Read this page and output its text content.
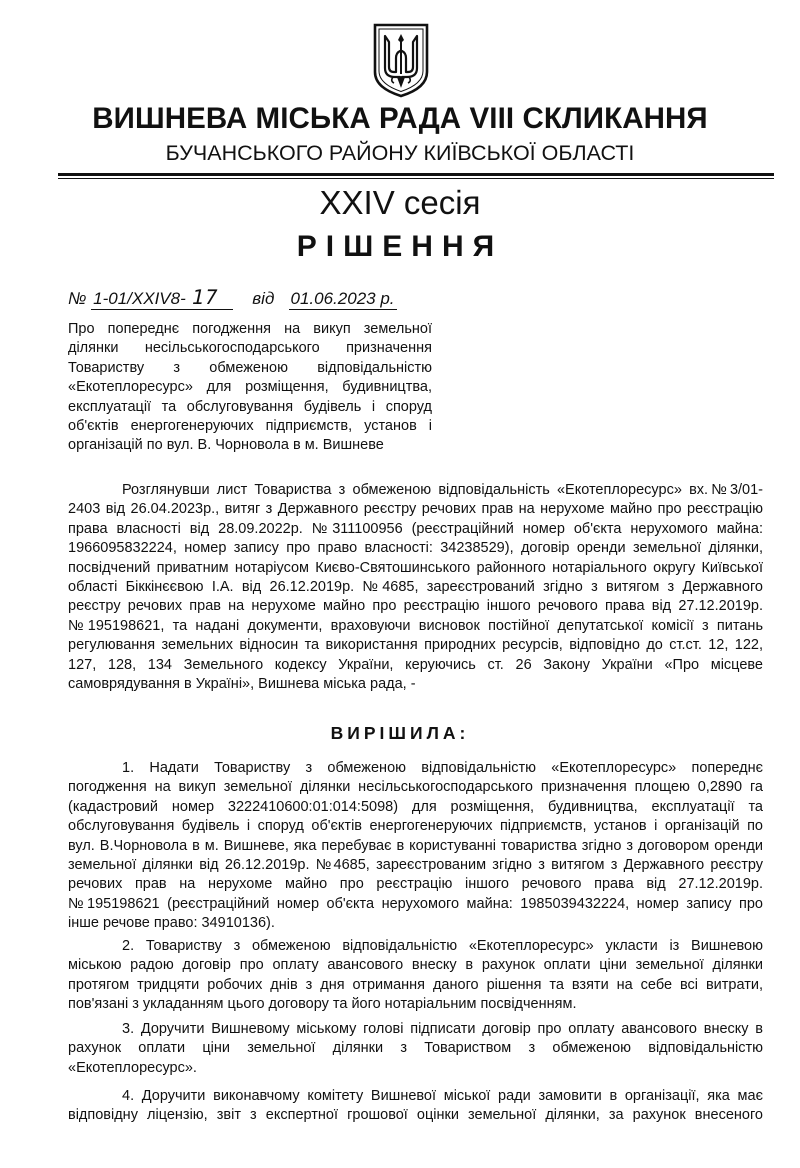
ВИШНЕВА МІСЬКА РАДА VIII СКЛИКАННЯ
БУЧАНСЬКОГО РАЙОНУ КИЇВСЬКОЇ ОБЛАСТІ
XXIV сесія
РІШЕННЯ
№ 1-01/XXIV8- 17 від 01.06.2023 р.
Про попереднє погодження на викуп земельної
ділянки несільськогосподарського призначення
Товариству з обмеженою відповідальністю
«Екотеплоресурс» для розміщення, будивництва,
експлуатації та обслуговування будівель і споруд
об'єктів енергогенеруючих підприємств, установ і
організацій по вул. В. Чорновола в м. Вишневе
Розглянувши лист Товариства з обмеженою відповідальність «Екотеплоресурс» вх.№3/01-
2403 від 26.04.2023р., витяг з Державного реєстру речових прав на нерухоме майно про реєстрацію
права власності від 28.09.2022р. №311100956 (реєстраційний номер об'єкта нерухомого майна:
1966095832224, номер запису про право власності: 34238529), договір оренди земельної ділянки,
посвідчений приватним нотаріусом Києво-Святошинського районного нотаріального округу Київської
області Біккінєєвою І.А. від 26.12.2019р. №4685, зареєстрований згідно з витягом з Державного
реєстру речових прав на нерухоме майно про реєстрацію іншого речового права від 27.12.2019р.
№195198621, та надані документи, враховуючи висновок постійної депутатської комісії з питань
регулювання земельних відносин та використання природних ресурсів, відповідно до ст.ст. 12, 122,
127, 128, 134 Земельного кодексу України, керуючись ст. 26 Закону України «Про місцеве
самоврядування в Україні», Вишнева міська рада, -
ВИРІШИЛА:
1. Надати Товариству з обмеженою відповідальністю «Екотеплоресурс» попереднє
погодження на викуп земельної ділянки несільськогосподарського призначення площею 0,2890 га
(кадастровий номер 3222410600:01:014:5098) для розміщення, будивництва, експлуатації та
обслуговування будівель і споруд об'єктів енергогенеруючих підприємств, установ і організацій по
вул. В.Чорновола в м. Вишневе, яка перебуває в користуванні товариства згідно з договором оренди
земельної ділянки від 26.12.2019р. №4685, зареєстрованим згідно з витягом з Державного реєстру
речових прав на нерухоме майно про реєстрацію іншого речового права від 27.12.2019р.
№195198621 (реєстраційний номер об'єкта нерухомого майна: 1985039432224, номер запису про
інше речове право: 34910136).
2. Товариству з обмеженою відповідальністю «Екотеплоресурс» укласти із Вишневою
міською радою договір про оплату авансового внеску в рахунок оплати ціни земельної ділянки
протягом тридцяти робочих днів з дня отримання даного рішення та взяти на себе всі витрати,
пов'язані з укладанням цього договору та його нотаріальним посвідченням.
3. Доручити Вишневому міському голові підписати договір про оплату авансового внеску в
рахунок оплати ціни земельної ділянки з Товариством з обмеженою відповідальністю
«Екотеплоресурс».
4. Доручити виконавчому комітету Вишневої міської ради замовити в організації, яка має
відповідну ліцензію, звіт з експертної грошової оцінки земельної ділянки, за рахунок внесеного
